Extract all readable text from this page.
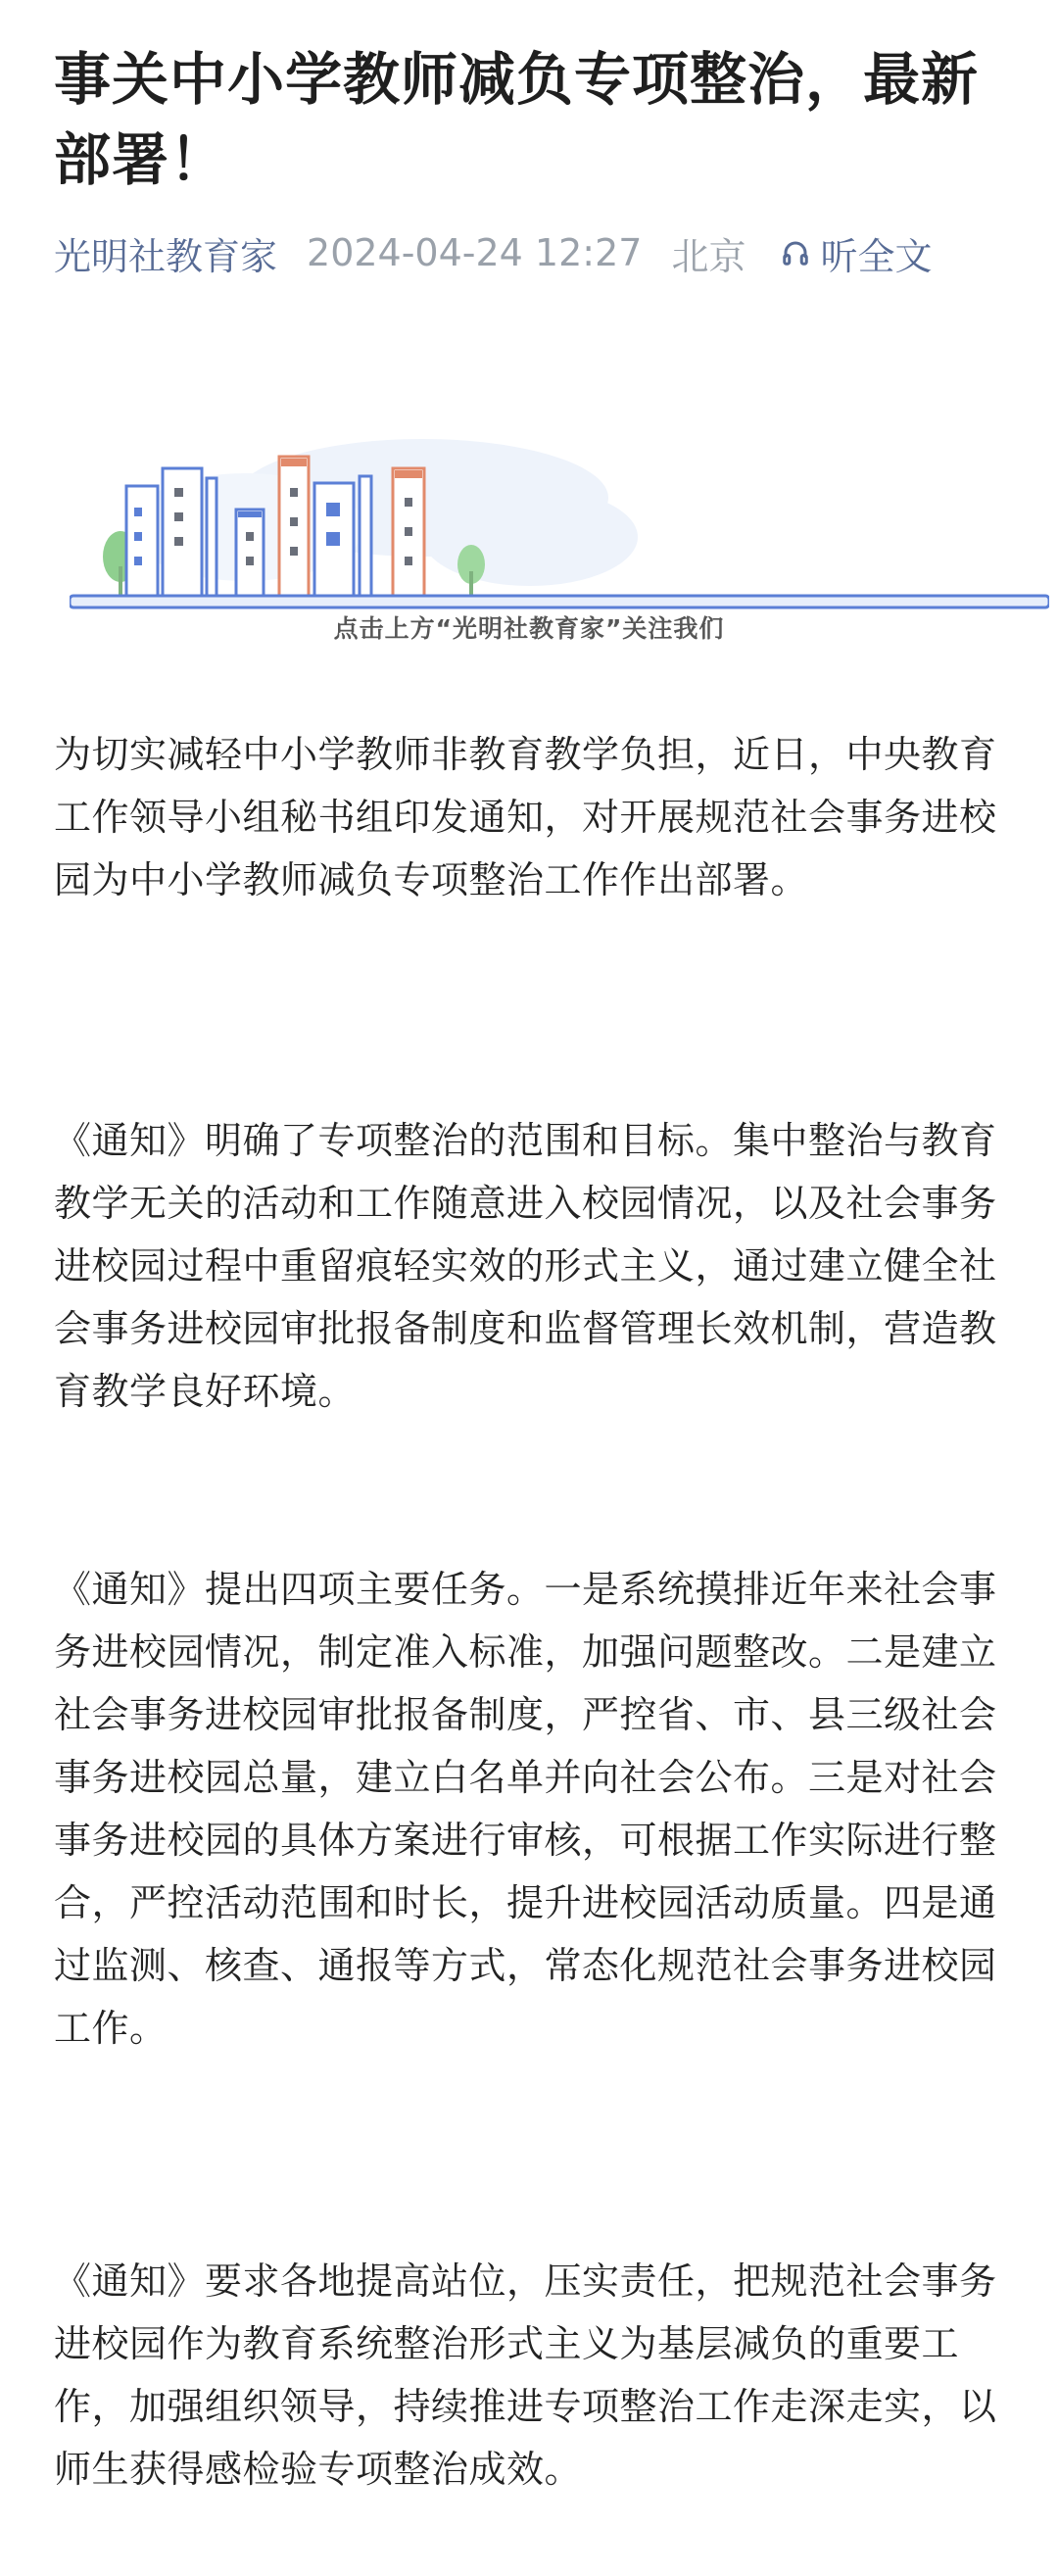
事关中小学教师减负专项整治，最新部署！
光明社教育家 2024-04-24 12:27 北京 听全文
点击上方“光明社教育家”关注我们

为切实减轻中小学教师非教育教学负担，近日，中央教育工作领导小组秘书组印发通知，对开展规范社会事务进校园为中小学教师减负专项整治工作作出部署。

《通知》明确了专项整治的范围和目标。集中整治与教育教学无关的活动和工作随意进入校园情况，以及社会事务进校园过程中重留痕轻实效的形式主义，通过建立健全社会事务进校园审批报备制度和监督管理长效机制，营造教育教学良好环境。

《通知》提出四项主要任务。一是系统摸排近年来社会事务进校园情况，制定准入标准，加强问题整改。二是建立社会事务进校园审批报备制度，严控省、市、县三级社会事务进校园总量，建立白名单并向社会公布。三是对社会事务进校园的具体方案进行审核，可根据工作实际进行整合，严控活动范围和时长，提升进校园活动质量。四是通过监测、核查、通报等方式，常态化规范社会事务进校园工作。

《通知》要求各地提高站位，压实责任，把规范社会事务进校园作为教育系统整治形式主义为基层减负的重要工作，加强组织领导，持续推进专项整治工作走深走实，以师生获得感检验专项整治成效。
